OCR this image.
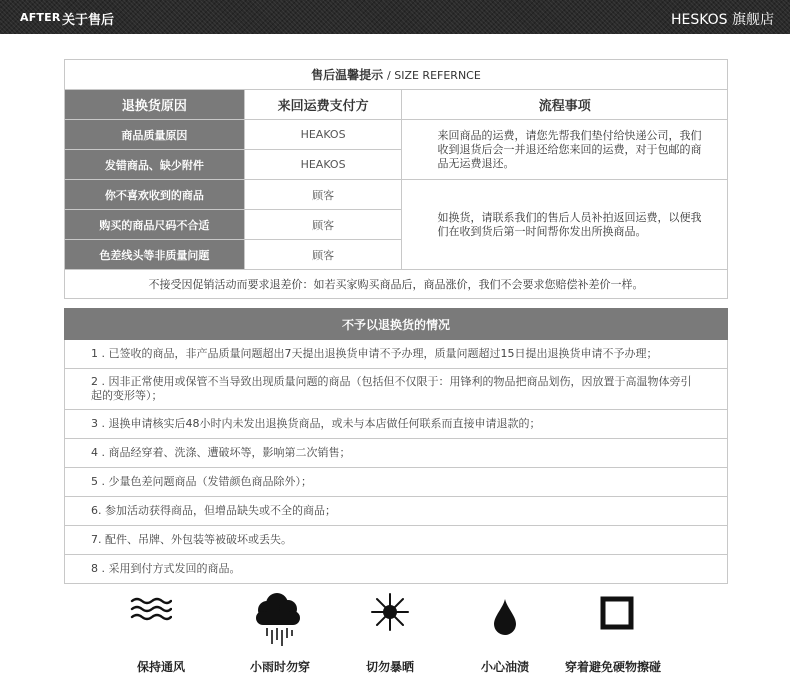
AFTER 关于售后	HESKOS 旗舰店
售后温馨提示 / SIZE REFERNCE		
退换货原因	来回运费支付方	流程事项
商品质量原因	HEAKOS	来回商品的运费，请您先帮我们垫付给快递公司，我们收到退货后会一并退还给您来回的运费，对于包邮的商品无运费退还。
发错商品、缺少附件	HEAKOS	
你不喜欢收到的商品	顾客	如换货，请联系我们的售后人员补拍返回运费，以便我们在收到货后第一时间帮你发出所换商品。
购买的商品尺码不合适	顾客	
色差线头等非质量问题	顾客	
不接受因促销活动而要求退差价：如若买家购买商品后，商品涨价，我们不会要求您赔偿补差价一样。		
不予以退换货的情况
1 . 已签收的商品，非产品质量问题超出7天提出退换货申请不予办理，质量问题超过15日提出退换货申请不予办理；
2 . 因非正常使用或保管不当导致出现质量问题的商品（包括但不仅限于：用锋利的物品把商品划伤，因放置于高温物体旁引起的变形等）；
3 . 退换申请核实后48小时内未发出退换货商品，或未与本店做任何联系而直接申请退款的；
4 . 商品经穿着、洗涤、遭破坏等，影响第二次销售；
5 . 少量色差问题商品（发错颜色商品除外）；
6. 参加活动获得商品，但增品缺失或不全的商品；
7. 配件、吊牌、外包装等被破坏或丢失。
8 . 采用到付方式发回的商品。
保持通风	小雨时勿穿	切勿暴晒	小心油渍	穿着避免硬物擦碰
